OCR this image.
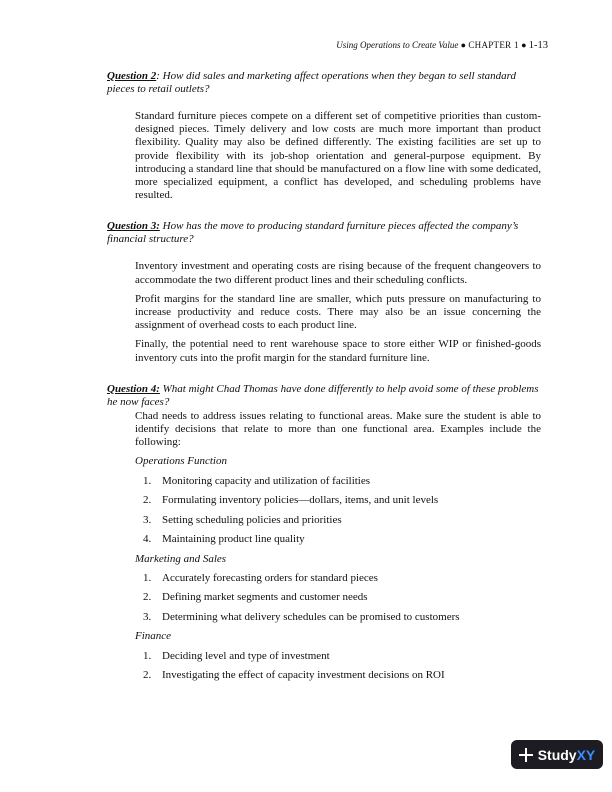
Using Operations to Create Value ● CHAPTER 1 ● 1-13

Question 2: How did sales and marketing affect operations when they began to sell standard pieces to retail outlets?

Standard furniture pieces compete on a different set of competitive priorities than custom-designed pieces. Timely delivery and low costs are much more important than product flexibility. Quality may also be defined differently. The existing facilities are set up to provide flexibility with its job-shop orientation and general-purpose equipment. By introducing a standard line that should be manufactured on a flow line with some dedicated, more specialized equipment, a conflict has developed, and scheduling problems have resulted.

Question 3: How has the move to producing standard furniture pieces affected the company’s financial structure?

Inventory investment and operating costs are rising because of the frequent changeovers to accommodate the two different product lines and their scheduling conflicts.

Profit margins for the standard line are smaller, which puts pressure on manufacturing to increase productivity and reduce costs. There may also be an issue concerning the assignment of overhead costs to each product line.

Finally, the potential need to rent warehouse space to store either WIP or finished-goods inventory cuts into the profit margin for the standard furniture line.

Question 4: What might Chad Thomas have done differently to help avoid some of these problems he now faces?

Chad needs to address issues relating to functional areas. Make sure the student is able to identify decisions that relate to more than one functional area. Examples include the following:

Operations Function
1. Monitoring capacity and utilization of facilities
2. Formulating inventory policies—dollars, items, and unit levels
3. Setting scheduling policies and priorities
4. Maintaining product line quality
Marketing and Sales
1. Accurately forecasting orders for standard pieces
2. Defining market segments and customer needs
3. Determining what delivery schedules can be promised to customers
Finance
1. Deciding level and type of investment
2. Investigating the effect of capacity investment decisions on ROI
StudyXY
